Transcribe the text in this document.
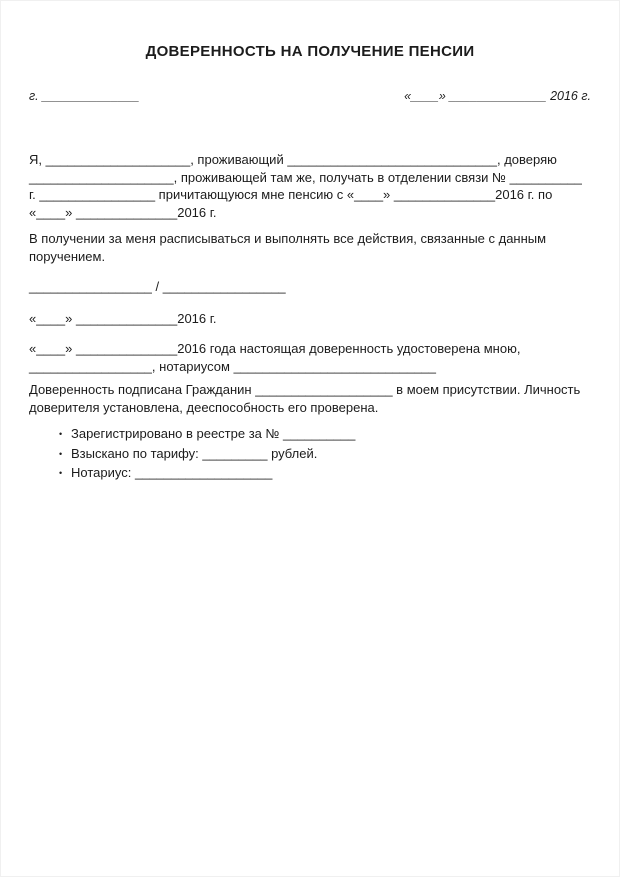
ДОВЕРЕННОСТЬ НА ПОЛУЧЕНИЕ ПЕНСИИ
г. ______________	«____» ______________ 2016 г.

Я, ____________________, проживающий _____________________________, доверяю ____________________, проживающей там же, получать в отделении связи № __________ г. ________________ причитающуюся мне пенсию с «____» ______________2016 г. по «____» ______________2016 г.

В получении за меня расписываться и выполнять все действия, связанные с данным поручением.

_________________ / _________________

«____» ______________2016 г.

«____» ______________2016 года настоящая доверенность удостоверена мною, _________________, нотариусом ____________________________

Доверенность подписана Гражданин ___________________ в моем присутствии. Личность доверителя установлена, дееспособность его проверена.

• Зарегистрировано в реестре за № __________
• Взыскано по тарифу: _________ рублей.
• Нотариус: ___________________
